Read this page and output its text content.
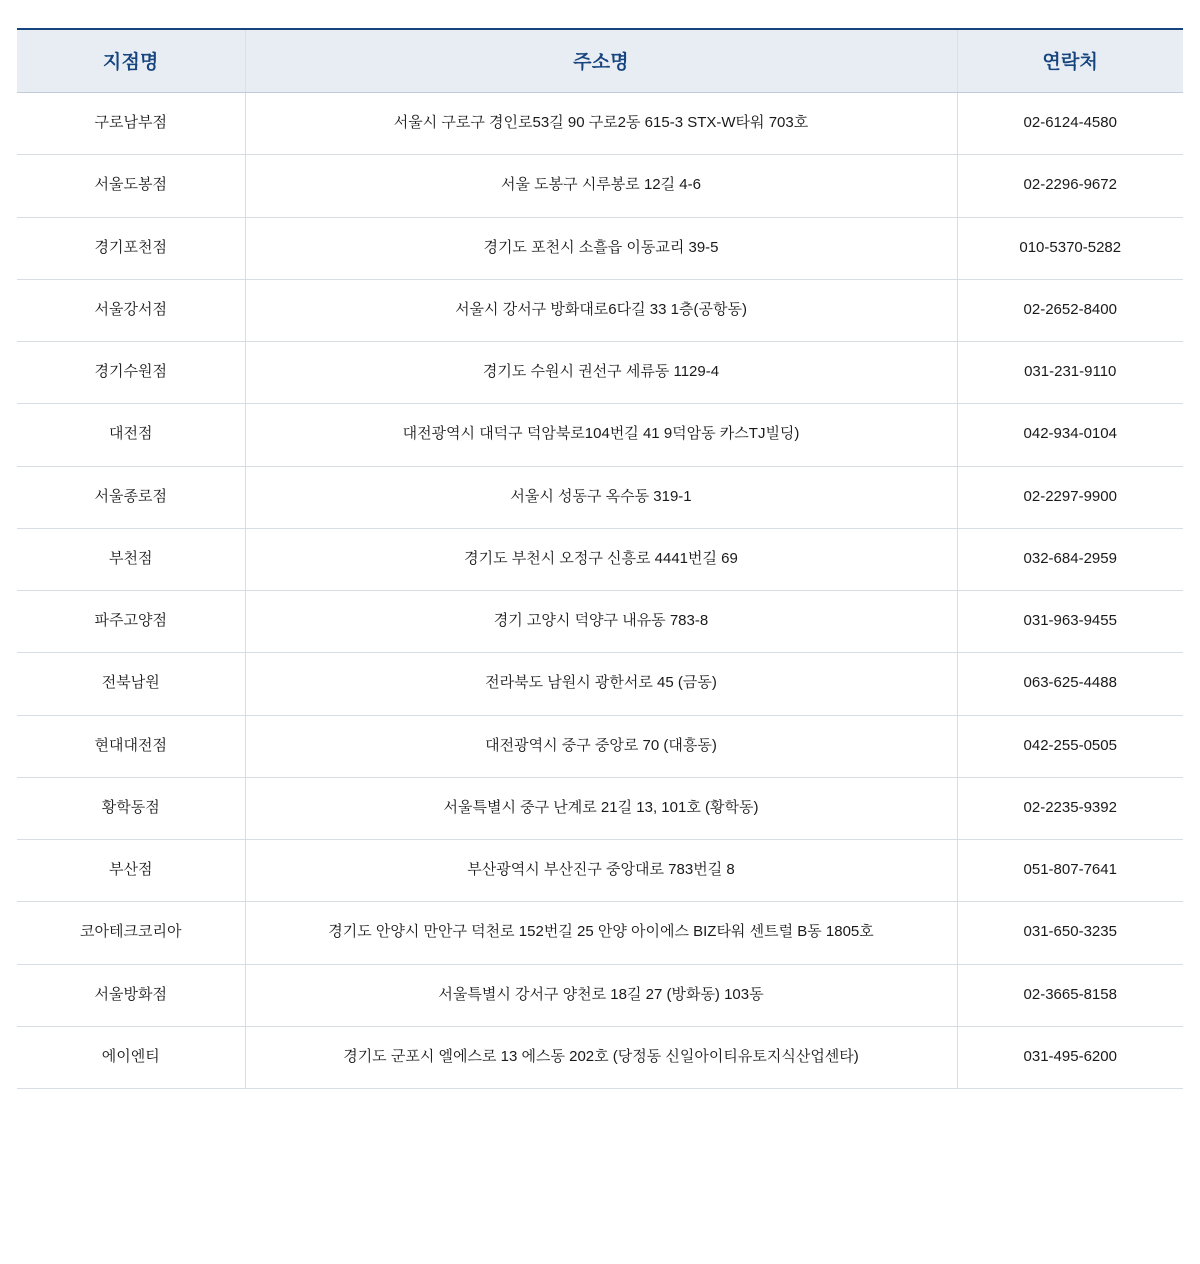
지점명	주소명	연락처
구로남부점	서울시 구로구 경인로53길 90 구로2동 615-3 STX-W타워 703호	02-6124-4580
서울도봉점	서울 도봉구 시루봉로 12길 4-6	02-2296-9672
경기포천점	경기도 포천시 소흘읍 이동교리 39-5	010-5370-5282
서울강서점	서울시 강서구 방화대로6다길 33 1층(공항동)	02-2652-8400
경기수원점	경기도 수원시 권선구 세류동 1129-4	031-231-9110
대전점	대전광역시 대덕구 덕암북로104번길 41 9덕암동 카스TJ빌딩)	042-934-0104
서울종로점	서울시 성동구 옥수동 319-1	02-2297-9900
부천점	경기도 부천시 오정구 신흥로 4441번길 69	032-684-2959
파주고양점	경기 고양시 덕양구 내유동 783-8	031-963-9455
전북남원	전라북도 남원시 광한서로 45 (금동)	063-625-4488
현대대전점	대전광역시 중구 중앙로 70 (대흥동)	042-255-0505
황학동점	서울특별시 중구 난계로 21길 13, 101호 (황학동)	02-2235-9392
부산점	부산광역시 부산진구 중앙대로 783번길 8	051-807-7641
코아테크코리아	경기도 안양시 만안구 덕천로 152번길 25 안양 아이에스 BIZ타워 센트럴 B동 1805호	031-650-3235
서울방화점	서울특별시 강서구 양천로 18길 27 (방화동) 103동	02-3665-8158
에이엔티	경기도 군포시 엘에스로 13 에스동 202호 (당정동 신일아이티유토지식산업센타)	031-495-6200
